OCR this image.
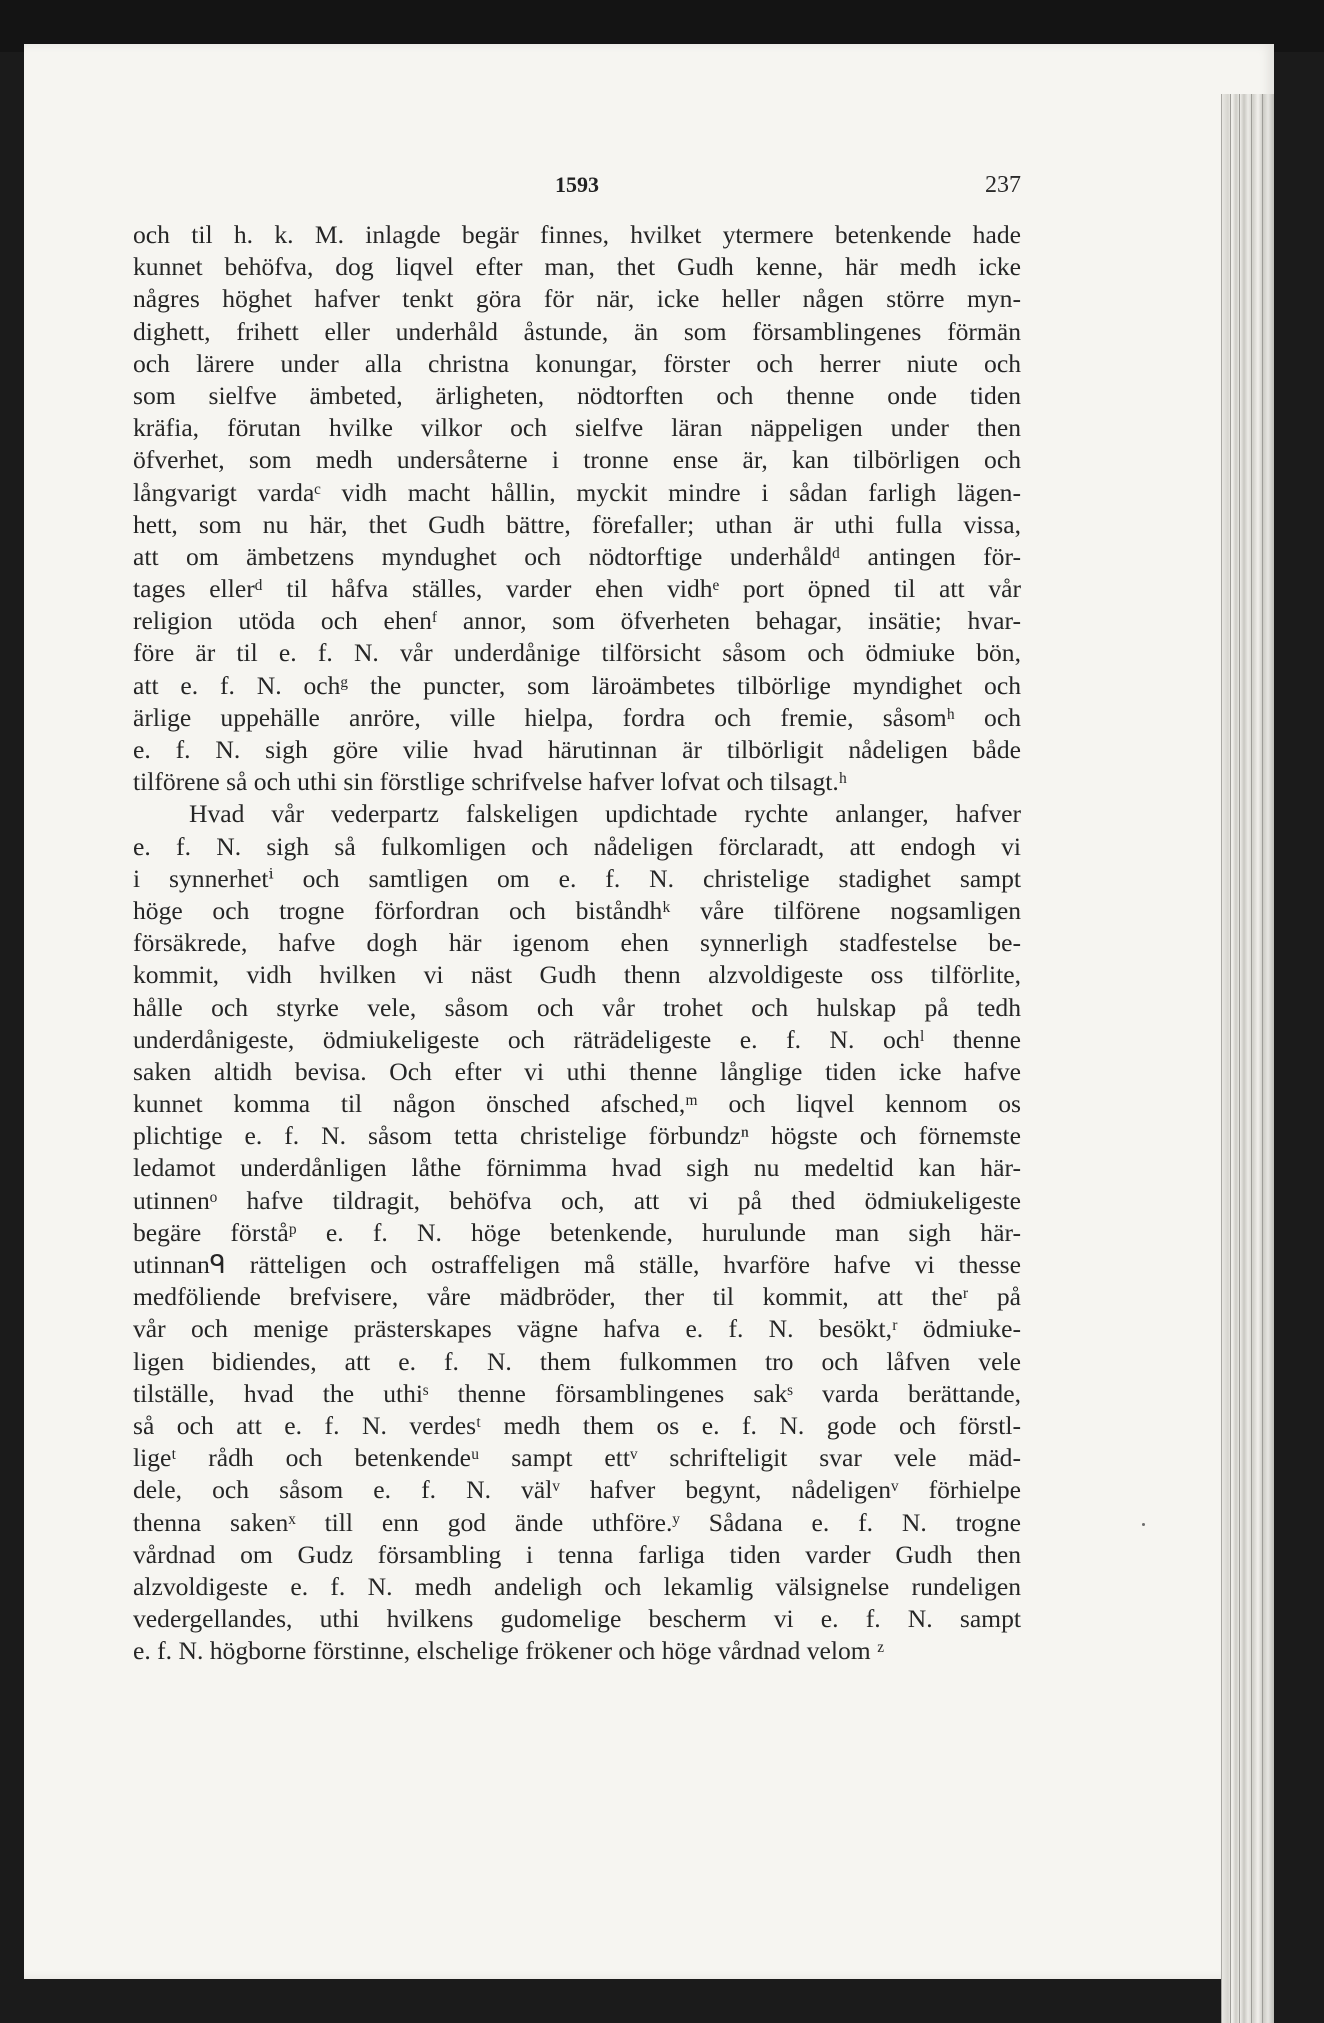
1593	237
och til h. k. M. inlagde begär finnes, hvilket ytermere betenkende hade
kunnet behöfva, dog liqvel efter man, thet Gudh kenne, här medh icke
någres höghet hafver tenkt göra för när, icke heller någen större myn-
dighett, frihett eller underhåld åstunde, än som församblingenes förmän
och lärere under alla christna konungar, förster och herrer niute och
som sielfve ämbeted, ärligheten, nödtorften och thenne onde tiden
kräfia, förutan hvilke vilkor och sielfve läran näppeligen under then
öfverhet, som medh undersåterne i tronne ense är, kan tilbörligen och
långvarigt vardaᶜ vidh macht hållin, myckit mindre i sådan farligh lägen-
hett, som nu här, thet Gudh bättre, förefaller; uthan är uthi fulla vissa,
att om ämbetzens myndughet och nödtorftige underhåldᵈ antingen för-
tages ellerᵈ til håfva ställes, varder ehen vidhᵉ port öpned til att vår
religion utöda och ehenᶠ annor, som öfverheten behagar, insätie; hvar-
före är til e. f. N. vår underdånige tilförsicht såsom och ödmiuke bön,
att e. f. N. ochᵍ the puncter, som läroämbetes tilbörlige myndighet och
ärlige uppehälle anröre, ville hielpa, fordra och fremie, såsomʰ och
e. f. N. sigh göre vilie hvad härutinnan är tilbörligit nådeligen både
tilförene så och uthi sin förstlige schrifvelse hafver lofvat och tilsagt.ʰ
Hvad vår vederpartz falskeligen updichtade rychte anlanger, hafver
e. f. N. sigh så fulkomligen och nådeligen förclaradt, att endogh vi
i synnerhetⁱ och samtligen om e. f. N. christelige stadighet sampt
höge och trogne förfordran och biståndhᵏ våre tilförene nogsamligen
försäkrede, hafve dogh här igenom ehen synnerligh stadfestelse be-
kommit, vidh hvilken vi näst Gudh thenn alzvoldigeste oss tilförlite,
hålle och styrke vele, såsom och vår trohet och hulskap på tedh
underdånigeste, ödmiukeligeste och räträdeligeste e. f. N. ochˡ thenne
saken altidh bevisa. Och efter vi uthi thenne långlige tiden icke hafve
kunnet komma til någon önsched afsched,ᵐ och liqvel kennom os
plichtige e. f. N. såsom tetta christelige förbundzⁿ högste och förnemste
ledamot underdånligen låthe förnimma hvad sigh nu medeltid kan här-
utinnenᵒ hafve tildragit, behöfva och, att vi på thed ödmiukeligeste
begäre förståᵖ e. f. N. höge betenkende, hurulunde man sigh här-
utinnanᑫ rätteligen och ostraffeligen må ställe, hvarföre hafve vi thesse
medföliende brefvisere, våre mädbröder, ther til kommit, att theʳ på
vår och menige prästerskapes vägne hafva e. f. N. besökt,ʳ ödmiuke-
ligen bidiendes, att e. f. N. them fulkommen tro och låfven vele
tilställe, hvad the uthiˢ thenne församblingenes sakˢ varda berättande,
så och att e. f. N. verdesᵗ medh them os e. f. N. gode och förstl-
ligeᵗ rådh och betenkendeᵘ sampt ettᵛ schrifteligit svar vele mäd-
dele, och såsom e. f. N. välᵛ hafver begynt, nådeligenᵛ förhielpe
thenna sakenˣ till enn god ände uthföre.ʸ Sådana e. f. N. trogne
vårdnad om Gudz försambling i tenna farliga tiden varder Gudh then
alzvoldigeste e. f. N. medh andeligh och lekamlig välsignelse rundeligen
vedergellandes, uthi hvilkens gudomelige bescherm vi e. f. N. sampt
e. f. N. högborne förstinne, elschelige frökener och höge vårdnad velom ᶻ
